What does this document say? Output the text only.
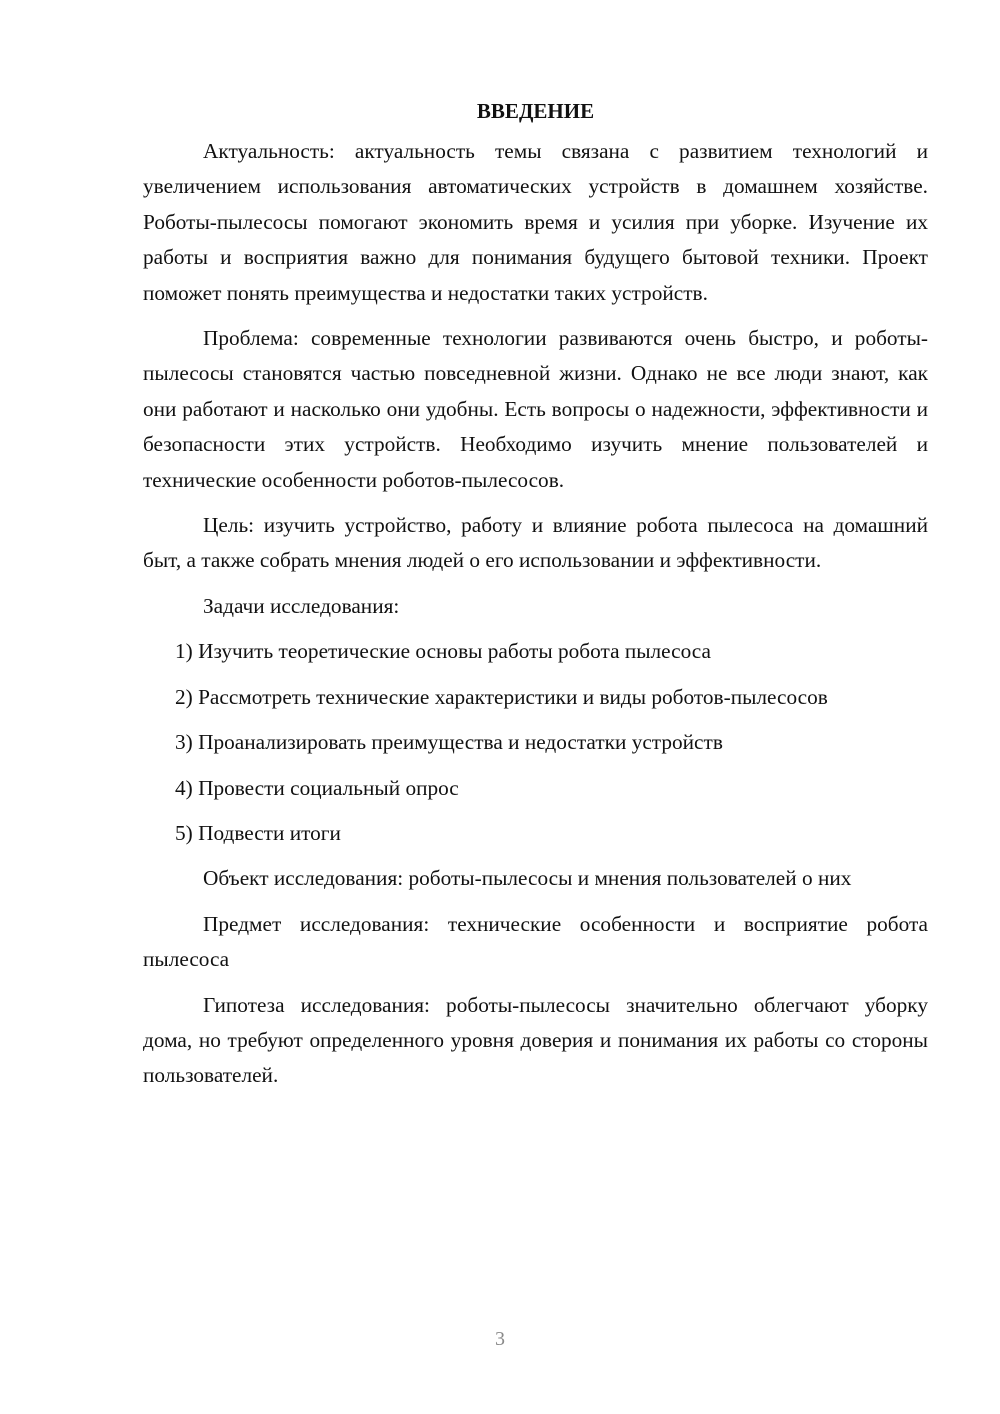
ВВЕДЕНИЕ

Актуальность: актуальность темы связана с развитием технологий и увеличением использования автоматических устройств в домашнем хозяйстве. Роботы-пылесосы помогают экономить время и усилия при уборке. Изучение их работы и восприятия важно для понимания будущего бытовой техники. Проект поможет понять преимущества и недостатки таких устройств.

Проблема: современные технологии развиваются очень быстро, и роботы-пылесосы становятся частью повседневной жизни. Однако не все люди знают, как они работают и насколько они удобны. Есть вопросы о надежности, эффективности и безопасности этих устройств. Необходимо изучить мнение пользователей и технические особенности роботов-пылесосов.

Цель: изучить устройство, работу и влияние робота пылесоса на домашний быт, а также собрать мнения людей о его использовании и эффективности.

Задачи исследования:

1) Изучить теоретические основы работы робота пылесоса

2) Рассмотреть технические характеристики и виды роботов-пылесосов

3) Проанализировать преимущества и недостатки устройств

4) Провести социальный опрос

5) Подвести итоги

Объект исследования: роботы-пылесосы и мнения пользователей о них

Предмет исследования: технические особенности и восприятие робота пылесоса

Гипотеза исследования: роботы-пылесосы значительно облегчают уборку дома, но требуют определенного уровня доверия и понимания их работы со стороны пользователей.

3
